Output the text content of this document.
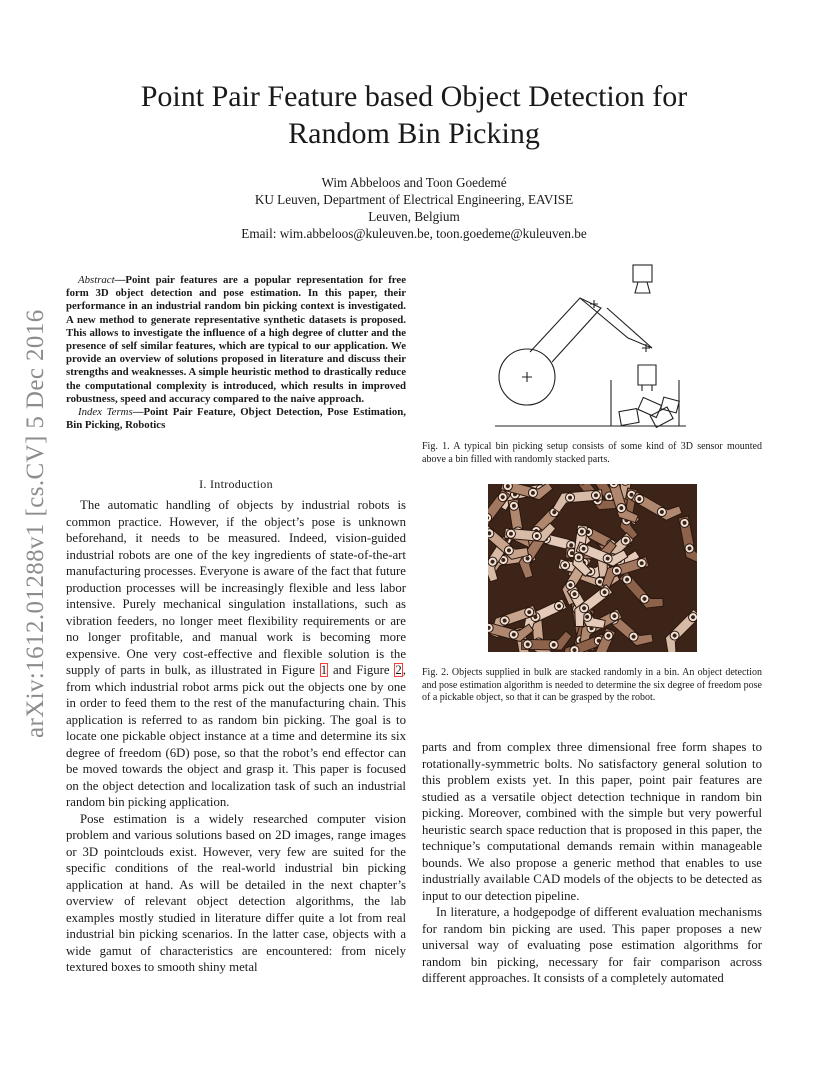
Point Pair Feature based Object Detection for
Random Bin Picking
Wim Abbeloos and Toon Goedemé
KU Leuven, Department of Electrical Engineering, EAVISE
Leuven, Belgium
Email: wim.abbeloos@kuleuven.be, toon.goedeme@kuleuven.be
arXiv:1612.01288v1 [cs.CV] 5 Dec 2016

Abstract—Point pair features are a popular representation for free form 3D object detection and pose estimation. In this paper, their performance in an industrial random bin picking context is investigated. A new method to generate representative synthetic datasets is proposed. This allows to investigate the influence of a high degree of clutter and the presence of self similar features, which are typical to our application. We provide an overview of solutions proposed in literature and discuss their strengths and weaknesses. A simple heuristic method to drastically reduce the computational complexity is introduced, which results in improved robustness, speed and accuracy compared to the naive approach.

Index Terms—Point Pair Feature, Object Detection, Pose Estimation, Bin Picking, Robotics

I. Introduction

The automatic handling of objects by industrial robots is common practice. However, if the object’s pose is unknown beforehand, it needs to be measured. Indeed, vision-guided industrial robots are one of the key ingredients of state-of-the-art manufacturing processes. Everyone is aware of the fact that future production processes will be increasingly flexible and less labor intensive. Purely mechanical singulation installations, such as vibration feeders, no longer meet flexibility requirements or are no longer profitable, and manual work is becoming more expensive. One very cost-effective and flexible solution is the supply of parts in bulk, as illustrated in Figure 1 and Figure 2, from which industrial robot arms pick out the objects one by one in order to feed them to the rest of the manufacturing chain. This application is referred to as random bin picking. The goal is to locate one pickable object instance at a time and determine its six degree of freedom (6D) pose, so that the robot’s end effector can be moved towards the object and grasp it. This paper is focused on the object detection and localization task of such an industrial random bin picking application.

Pose estimation is a widely researched computer vision problem and various solutions based on 2D images, range images or 3D pointclouds exist. However, very few are suited for the specific conditions of the real-world industrial bin picking application at hand. As will be detailed in the next chapter’s overview of relevant object detection algorithms, the lab examples mostly studied in literature differ quite a lot from real industrial bin picking scenarios. In the latter case, objects with a wide gamut of characteristics are encountered: from nicely textured boxes to smooth shiny metal

parts and from complex three dimensional free form shapes to rotationally-symmetric bolts. No satisfactory general solution to this problem exists yet. In this paper, point pair features are studied as a versatile object detection technique in random bin picking. Moreover, combined with the simple but very powerful heuristic search space reduction that is proposed in this paper, the technique’s computational demands remain within manageable bounds. We also propose a generic method that enables to use industrially available CAD models of the objects to be detected as input to our detection pipeline.

In literature, a hodgepodge of different evaluation mechanisms for random bin picking are used. This paper proposes a new universal way of evaluating pose estimation algorithms for random bin picking, necessary for fair comparison across different approaches. It consists of a completely automated

Fig. 1. A typical bin picking setup consists of some kind of 3D sensor mounted above a bin filled with randomly stacked parts.
Fig. 2. Objects supplied in bulk are stacked randomly in a bin. An object detection and pose estimation algorithm is needed to determine the six degree of freedom pose of a pickable object, so that it can be grasped by the robot.
